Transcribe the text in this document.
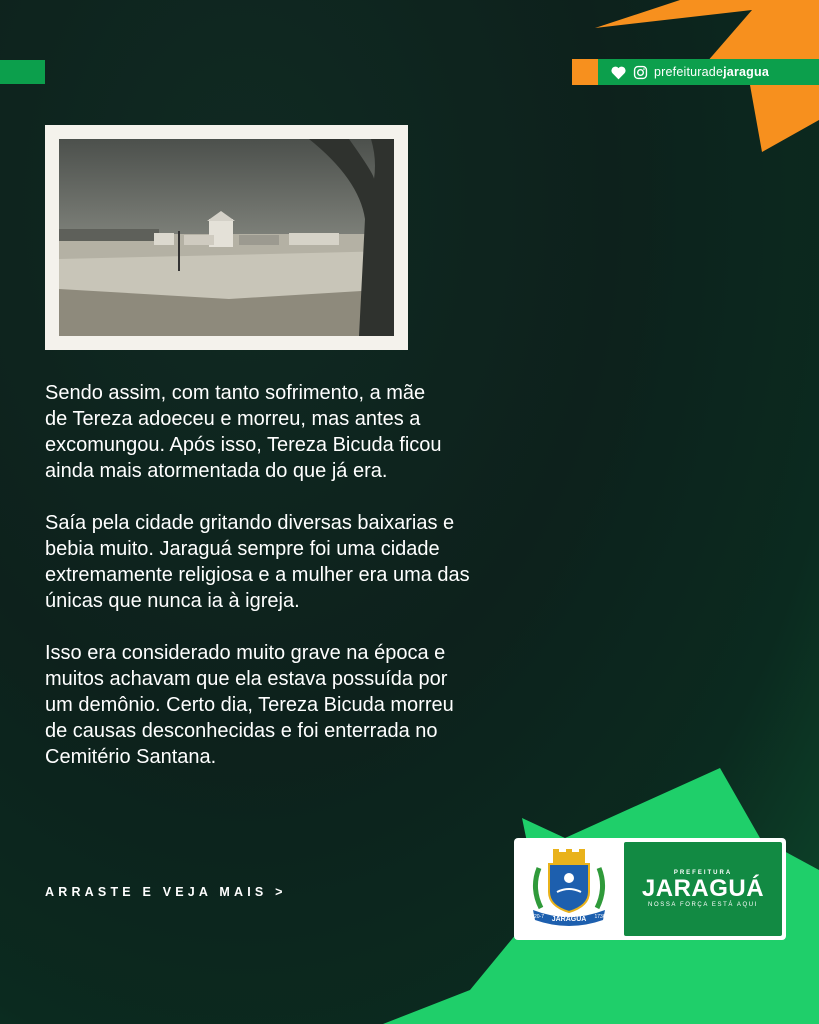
prefeituradejaragua

Sendo assim, com tanto sofrimento, a mãe
de Tereza adoeceu e morreu, mas antes a
excomungou. Após isso, Tereza Bicuda ficou
ainda mais atormentada do que já era.

Saía pela cidade gritando diversas baixarias e
bebia muito. Jaraguá sempre foi uma cidade
extremamente religiosa e a mulher era uma das
únicas que nunca ia à igreja.

Isso era considerado muito grave na época e
muitos achavam que ela estava possuída por
um demônio. Certo dia, Tereza Bicuda morreu
de causas desconhecidas e foi enterrada no
Cemitério Santana.

ARRASTE E VEJA MAIS >
JARAGUÁ
20-7	1736
PREFEITURA
JARAGUÁ
NOSSA FORÇA ESTÁ AQUI
